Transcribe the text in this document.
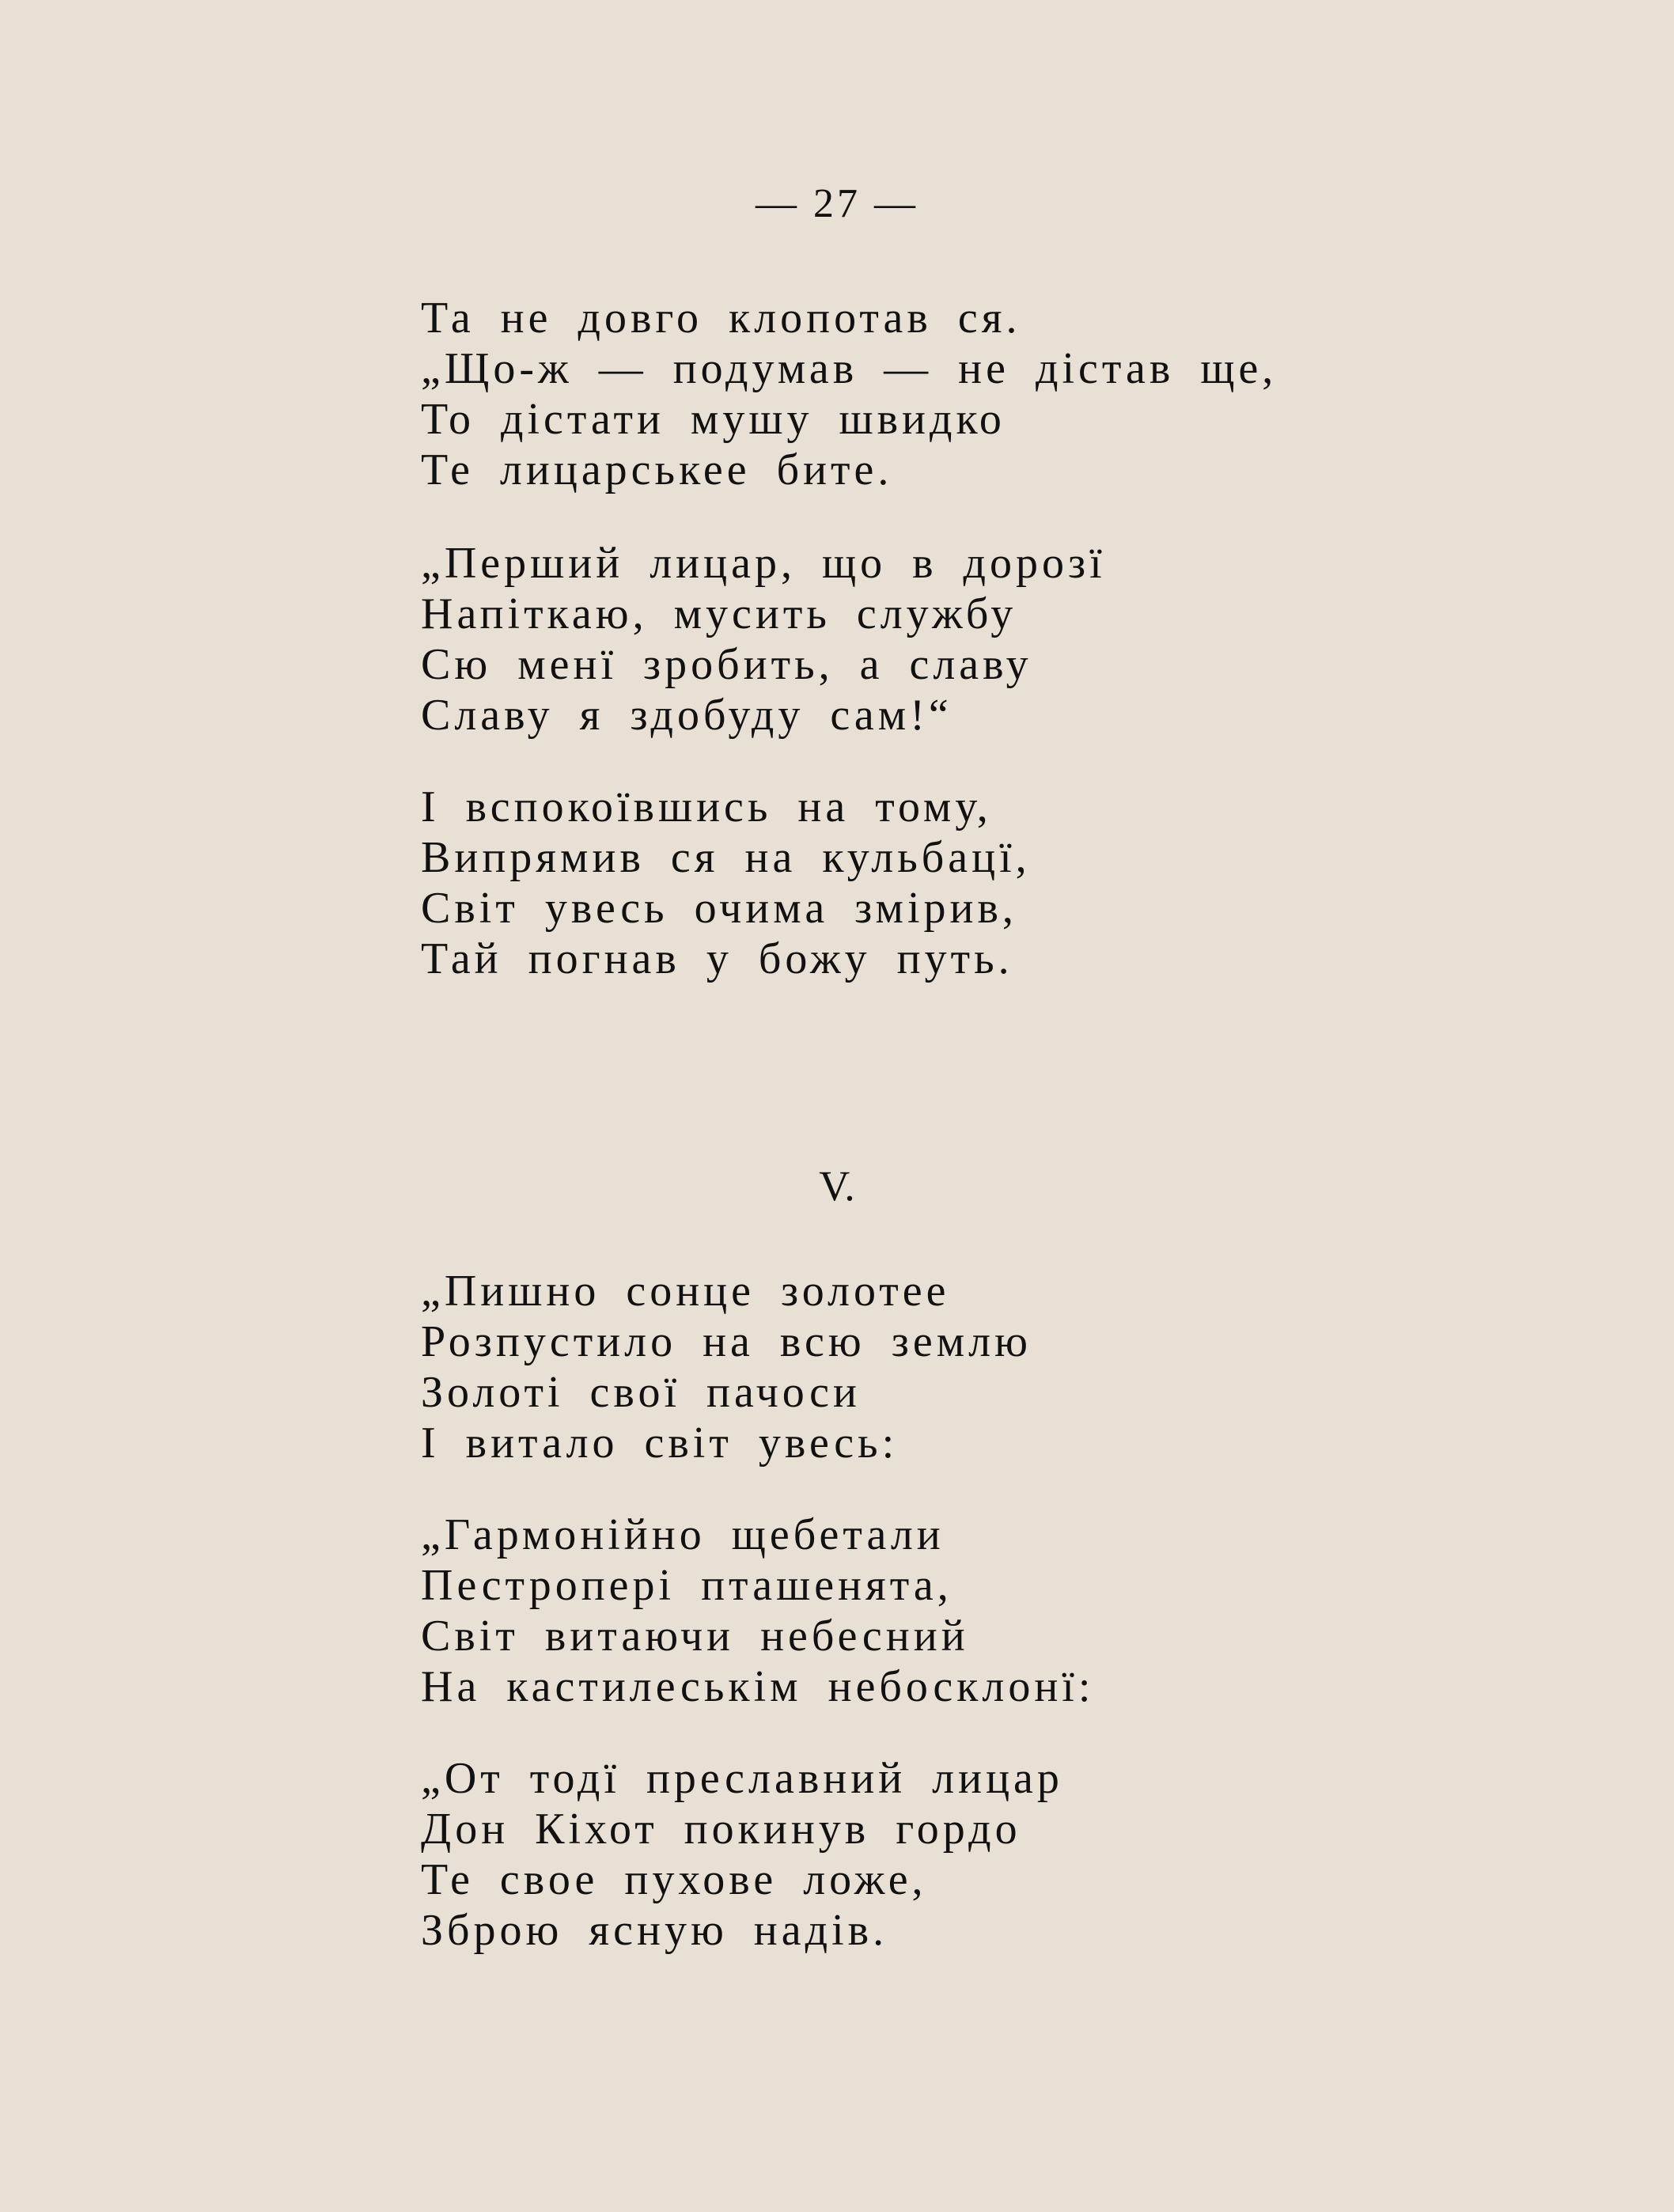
— 27 —
Та не довго клопотав ся.
„Що-ж — подумав — не дістав ще,
То дістати мушу швидко
Те лицарськее бите.
„Перший лицар, що в дорозї
Напіткаю, мусить службу
Сю менї зробить, а славу
Славу я здобуду сам!“
І вспокоївшись на тому,
Випрямив ся на кульбацї,
Світ увесь очима змірив,
Тай погнав у божу путь.
V.
„Пишно сонце золотее
Розпустило на всю землю
Золоті свої пачоси
І витало світ увесь:
„Гармонійно щебетали
Пестропері пташенята,
Світ витаючи небесний
На кастилеськім небосклонї:
„От тодї преславний лицар
Дон Кіхот покинув гордо
Те свое пухове ложе,
Зброю ясную надів.
